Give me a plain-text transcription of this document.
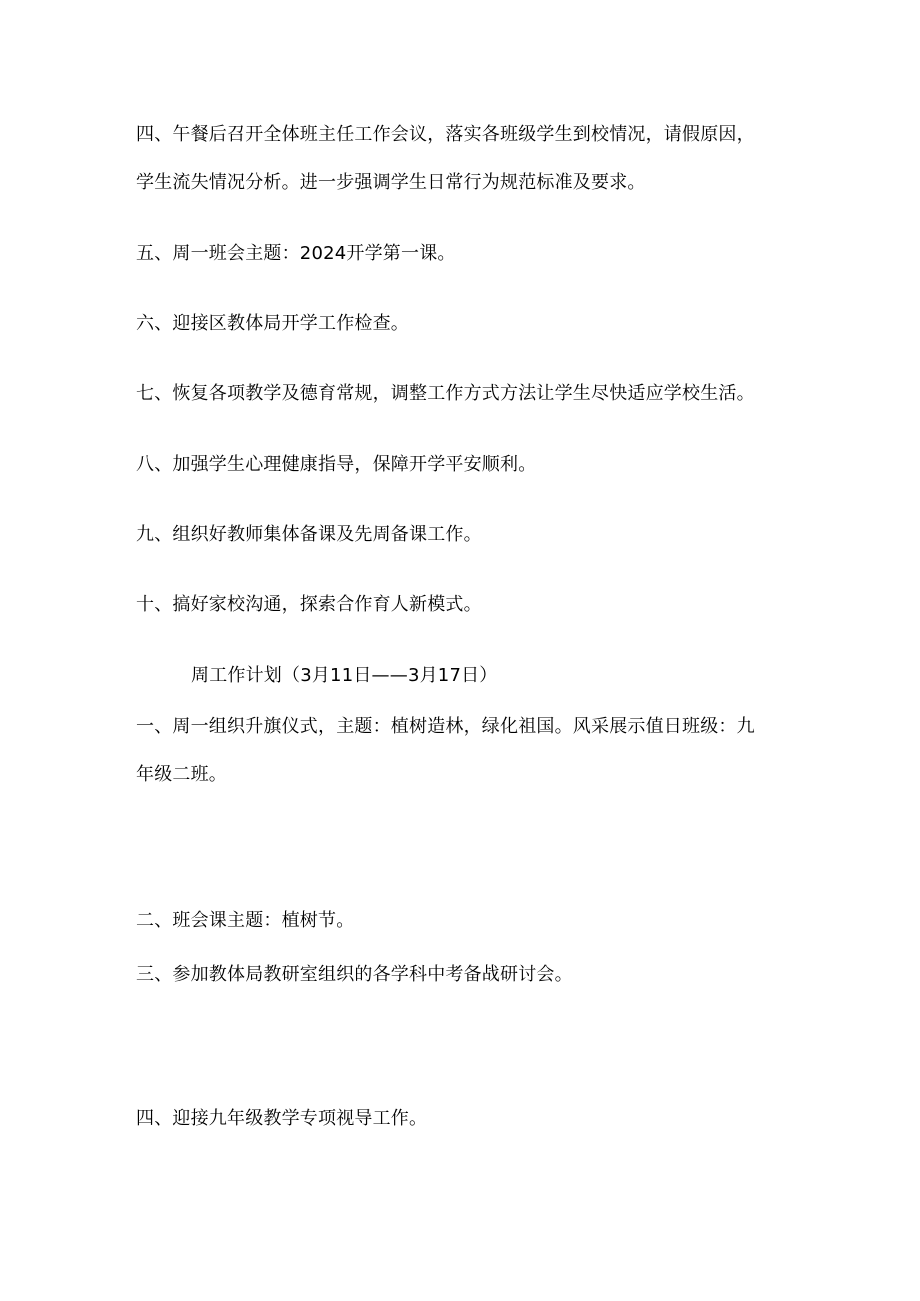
四、午餐后召开全体班主任工作会议，落实各班级学生到校情况，请假原因，
学生流失情况分析。进一步强调学生日常行为规范标准及要求。
五、周一班会主题：2024开学第一课。
六、迎接区教体局开学工作检查。
七、恢复各项教学及德育常规，调整工作方式方法让学生尽快适应学校生活。
八、加强学生心理健康指导，保障开学平安顺利。
九、组织好教师集体备课及先周备课工作。
十、搞好家校沟通，探索合作育人新模式。
周工作计划（3月11日——3月17日）
一、周一组织升旗仪式，主题：植树造林，绿化祖国。风采展示值日班级：九
年级二班。
二、班会课主题：植树节。
三、参加教体局教研室组织的各学科中考备战研讨会。
四、迎接九年级教学专项视导工作。
